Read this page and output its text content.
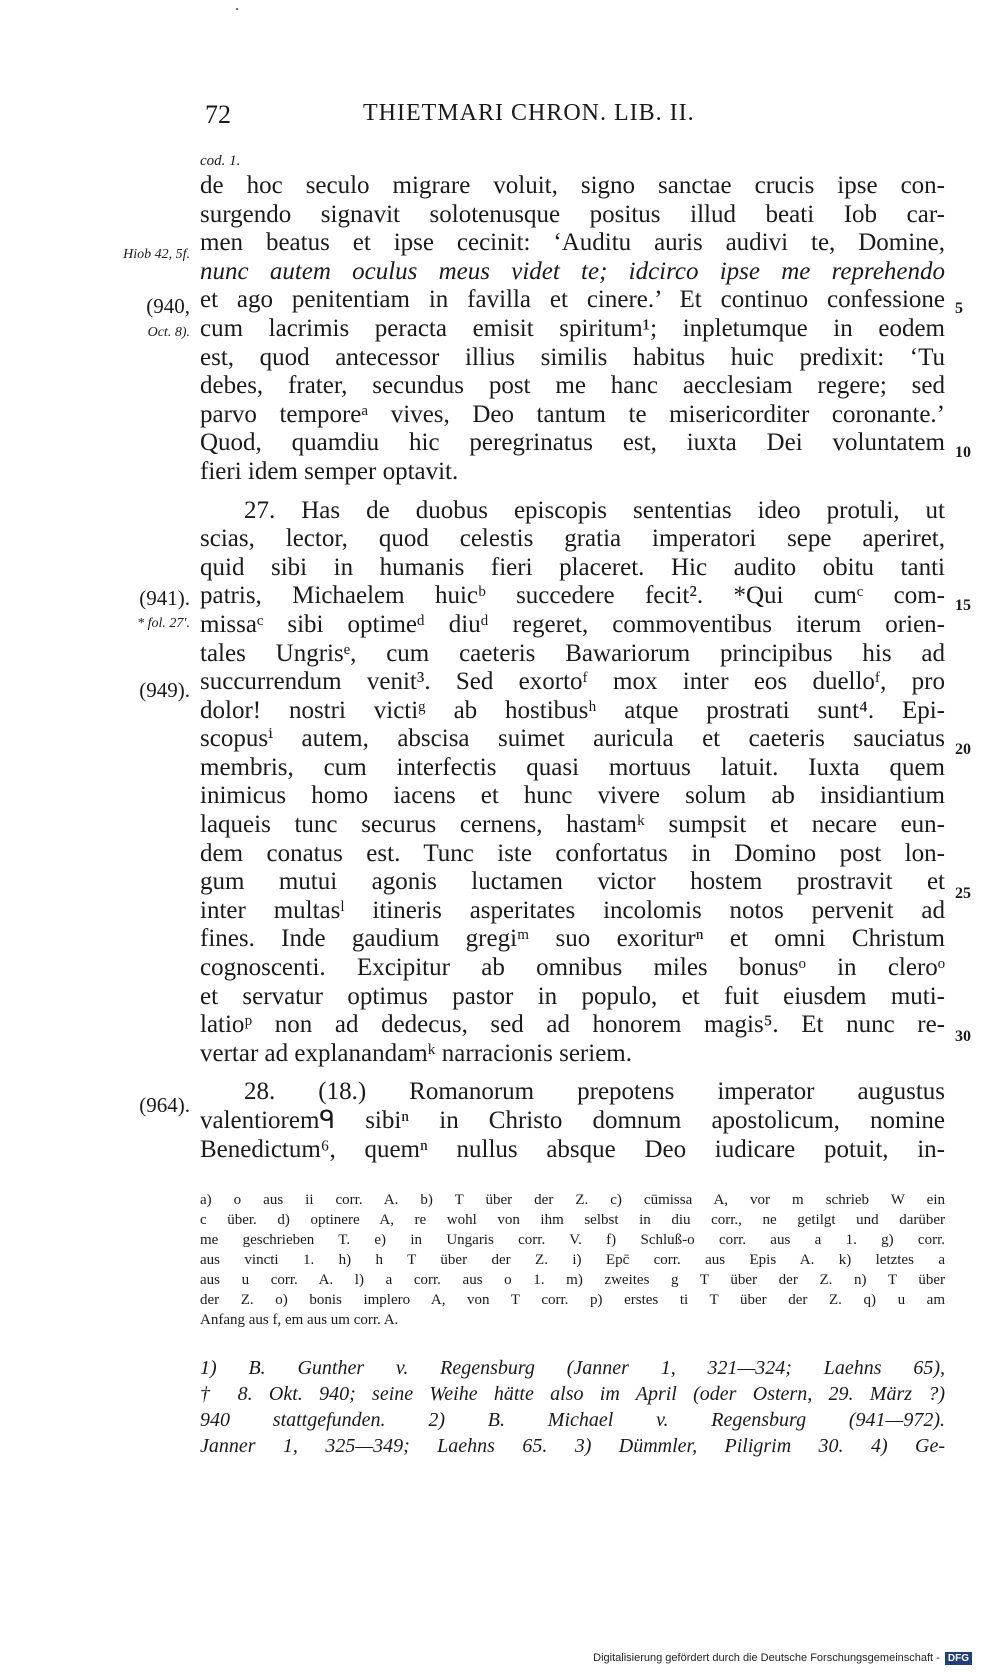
72	THIETMARI CHRON. LIB. II.
cod. 1.
de hoc seculo migrare voluit, signo sanctae crucis ipse con-
surgendo signavit solotenusque positus illud beati Iob car-
men beatus et ipse cecinit: ‘Auditu auris audivi te, Domine,
nunc autem oculus meus videt te; idcirco ipse me reprehendo
et ago penitentiam in favilla et cinere.’ Et continuo confessione
cum lacrimis peracta emisit spiritum¹; inpletumque in eodem
est, quod antecessor illius similis habitus huic predixit: ‘Tu
debes, frater, secundus post me hanc aecclesiam regere; sed
parvo temporeᵃ vives, Deo tantum te misericorditer coronante.’
Quod, quamdiu hic peregrinatus est, iuxta Dei voluntatem
fieri idem semper optavit.
27. Has de duobus episcopis sententias ideo protuli, ut
scias, lector, quod celestis gratia imperatori sepe aperiret,
quid sibi in humanis fieri placeret. Hic audito obitu tanti
patris, Michaelem huicᵇ succedere fecit². *Qui cumᶜ com-
missaᶜ sibi optimeᵈ diuᵈ regeret, commoventibus iterum orien-
tales Ungrisᵉ, cum caeteris Bawariorum principibus his ad
succurrendum venit³. Sed exortoᶠ mox inter eos duelloᶠ, pro
dolor! nostri victiᵍ ab hostibusʰ atque prostrati sunt⁴. Epi-
scopusⁱ autem, abscisa suimet auricula et caeteris sauciatus
membris, cum interfectis quasi mortuus latuit. Iuxta quem
inimicus homo iacens et hunc vivere solum ab insidiantium
laqueis tunc securus cernens, hastamᵏ sumpsit et necare eun-
dem conatus est. Tunc iste confortatus in Domino post lon-
gum mutui agonis luctamen victor hostem prostravit et
inter multasˡ itineris asperitates incolomis notos pervenit ad
fines. Inde gaudium gregiᵐ suo exoriturⁿ et omni Christum
cognoscenti. Excipitur ab omnibus miles bonusᵒ in cleroᵒ
et servatur optimus pastor in populo, et fuit eiusdem muti-
latioᵖ non ad dedecus, sed ad honorem magis⁵. Et nunc re-
vertar ad explanandamᵏ narracionis seriem.
28. (18.) Romanorum prepotens imperator augustus
valentioremᑫ sibiⁿ in Christo domnum apostolicum, nomine
Benedictum⁶, quemⁿ nullus absque Deo iudicare potuit, in-
Hiob 42, 5f.
(940,
Oct. 8).
(941).
* fol. 27′.
(949).
(964).
5
10
15
20
25
30
a) o aus ii corr. A. b) T über der Z. c) cūmissa A, vor m schrieb W ein
c über. d) optinere A, re wohl von ihm selbst in diu corr., ne getilgt und darüber
me geschrieben T. e) in Ungaris corr. V. f) Schluß-o corr. aus a 1. g) corr.
aus vincti 1. h) h T über der Z. i) Epc̄ corr. aus Epis A. k) letztes a
aus u corr. A. l) a corr. aus o 1. m) zweites g T über der Z. n) T über
der Z. o) bonis implero A, von T corr. p) erstes ti T über der Z. q) u am
Anfang aus f, em aus um corr. A.
1) B. Gunther v. Regensburg (Janner 1, 321—324; Laehns 65),
† 8. Okt. 940; seine Weihe hätte also im April (oder Ostern, 29. März ?)
940 stattgefunden. 2) B. Michael v. Regensburg (941—972).
Janner 1, 325—349; Laehns 65. 3) Dümmler, Piligrim 30. 4) Ge-
Digitalisierung gefördert durch die Deutsche Forschungsgemeinschaft - DFG
